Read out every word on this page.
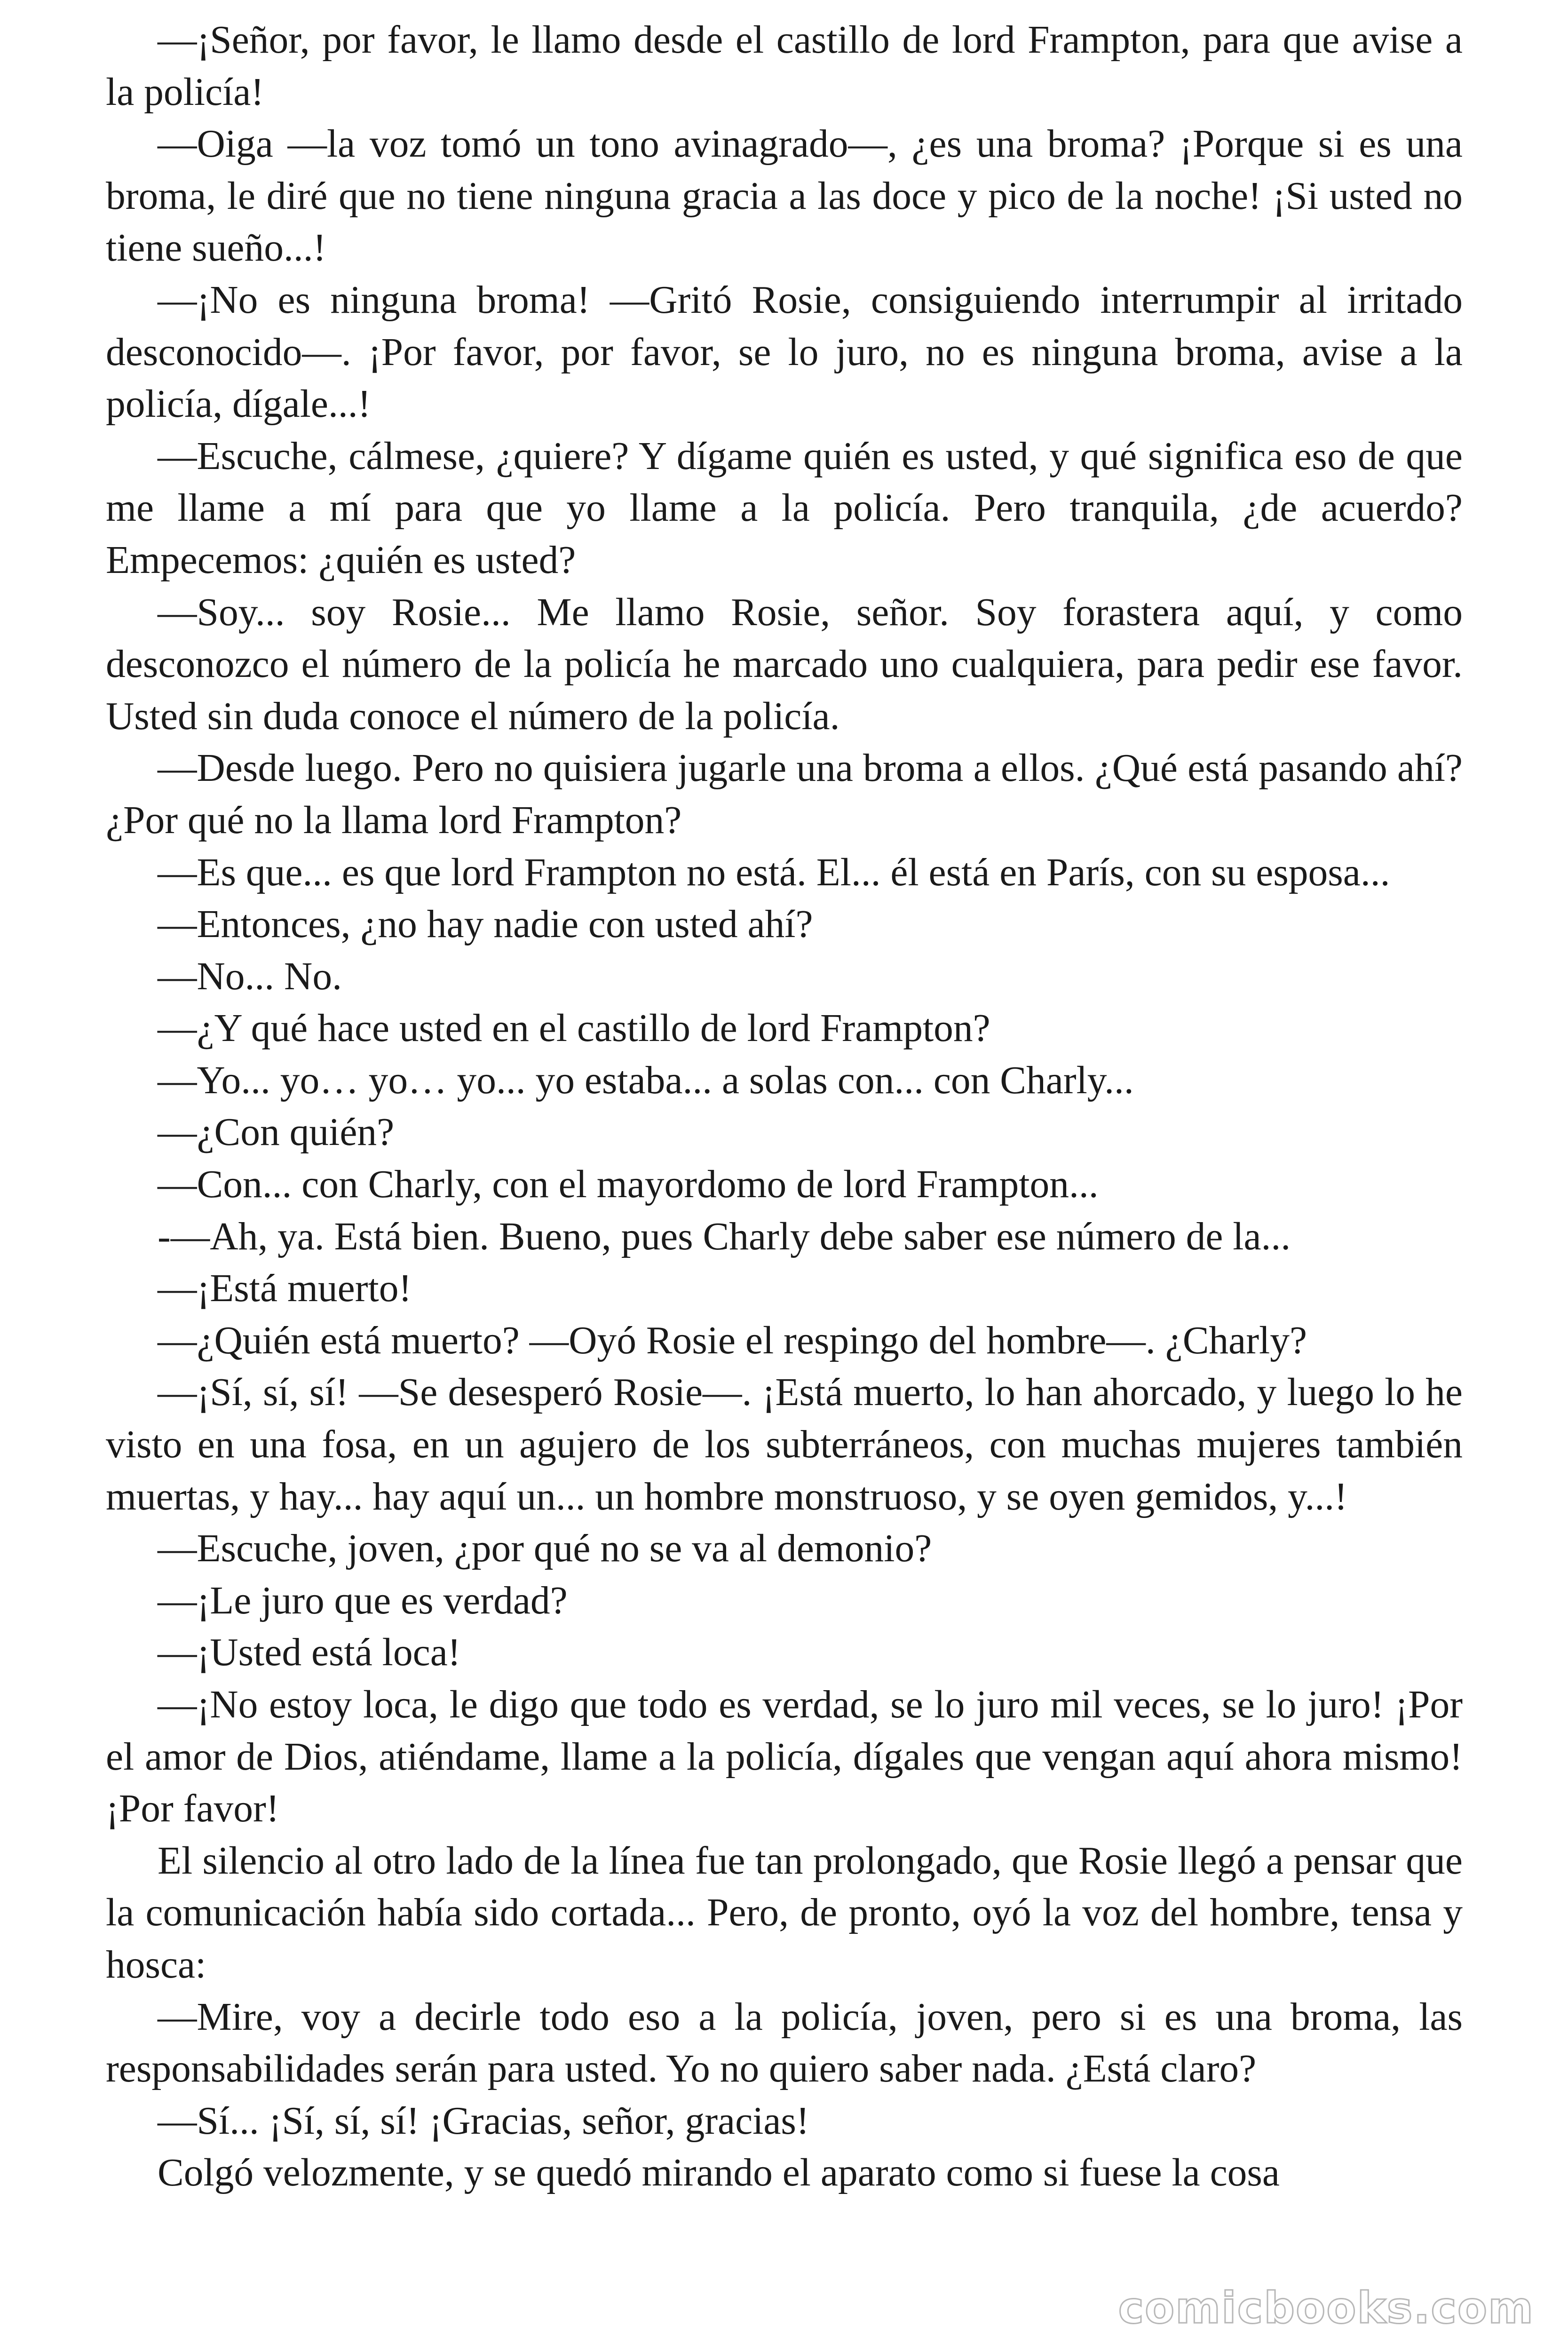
—¡Señor, por favor, le llamo desde el castillo de lord Frampton, para que avise a la policía!

—Oiga —la voz tomó un tono avinagrado—, ¿es una broma? ¡Porque si es una broma, le diré que no tiene ninguna gracia a las doce y pico de la noche! ¡Si usted no tiene sueño...!

—¡No es ninguna broma! —Gritó Rosie, consiguiendo interrumpir al irritado desconocido—. ¡Por favor, por favor, se lo juro, no es ninguna broma, avise a la policía, dígale...!

—Escuche, cálmese, ¿quiere? Y dígame quién es usted, y qué significa eso de que me llame a mí para que yo llame a la policía. Pero tranquila, ¿de acuerdo? Empecemos: ¿quién es usted?

—Soy... soy Rosie... Me llamo Rosie, señor. Soy forastera aquí, y como desconozco el número de la policía he marcado uno cualquiera, para pedir ese favor. Usted sin duda conoce el número de la policía.

—Desde luego. Pero no quisiera jugarle una broma a ellos. ¿Qué está pasando ahí? ¿Por qué no la llama lord Frampton?

—Es que... es que lord Frampton no está. El... él está en París, con su esposa...

—Entonces, ¿no hay nadie con usted ahí?

—No... No.

—¿Y qué hace usted en el castillo de lord Frampton?

—Yo... yo… yo… yo... yo estaba... a solas con... con Charly...

—¿Con quién?

—Con... con Charly, con el mayordomo de lord Frampton...

-—Ah, ya. Está bien. Bueno, pues Charly debe saber ese número de la...

—¡Está muerto!

—¿Quién está muerto? —Oyó Rosie el respingo del hombre—. ¿Charly?

—¡Sí, sí, sí! —Se desesperó Rosie—. ¡Está muerto, lo han ahorcado, y luego lo he visto en una fosa, en un agujero de los subterráneos, con muchas mujeres también muertas, y hay... hay aquí un... un hombre monstruoso, y se oyen gemidos, y...!

—Escuche, joven, ¿por qué no se va al demonio?

—¡Le juro que es verdad?

—¡Usted está loca!

—¡No estoy loca, le digo que todo es verdad, se lo juro mil veces, se lo juro! ¡Por el amor de Dios, atiéndame, llame a la policía, dígales que vengan aquí ahora mismo! ¡Por favor!

El silencio al otro lado de la línea fue tan prolongado, que Rosie llegó a pensar que la comunicación había sido cortada... Pero, de pronto, oyó la voz del hombre, tensa y hosca:

—Mire, voy a decirle todo eso a la policía, joven, pero si es una broma, las responsabilidades serán para usted. Yo no quiero saber nada. ¿Está claro?

—Sí... ¡Sí, sí, sí! ¡Gracias, señor, gracias!

Colgó velozmente, y se quedó mirando el aparato como si fuese la cosa

comicbooks.com
